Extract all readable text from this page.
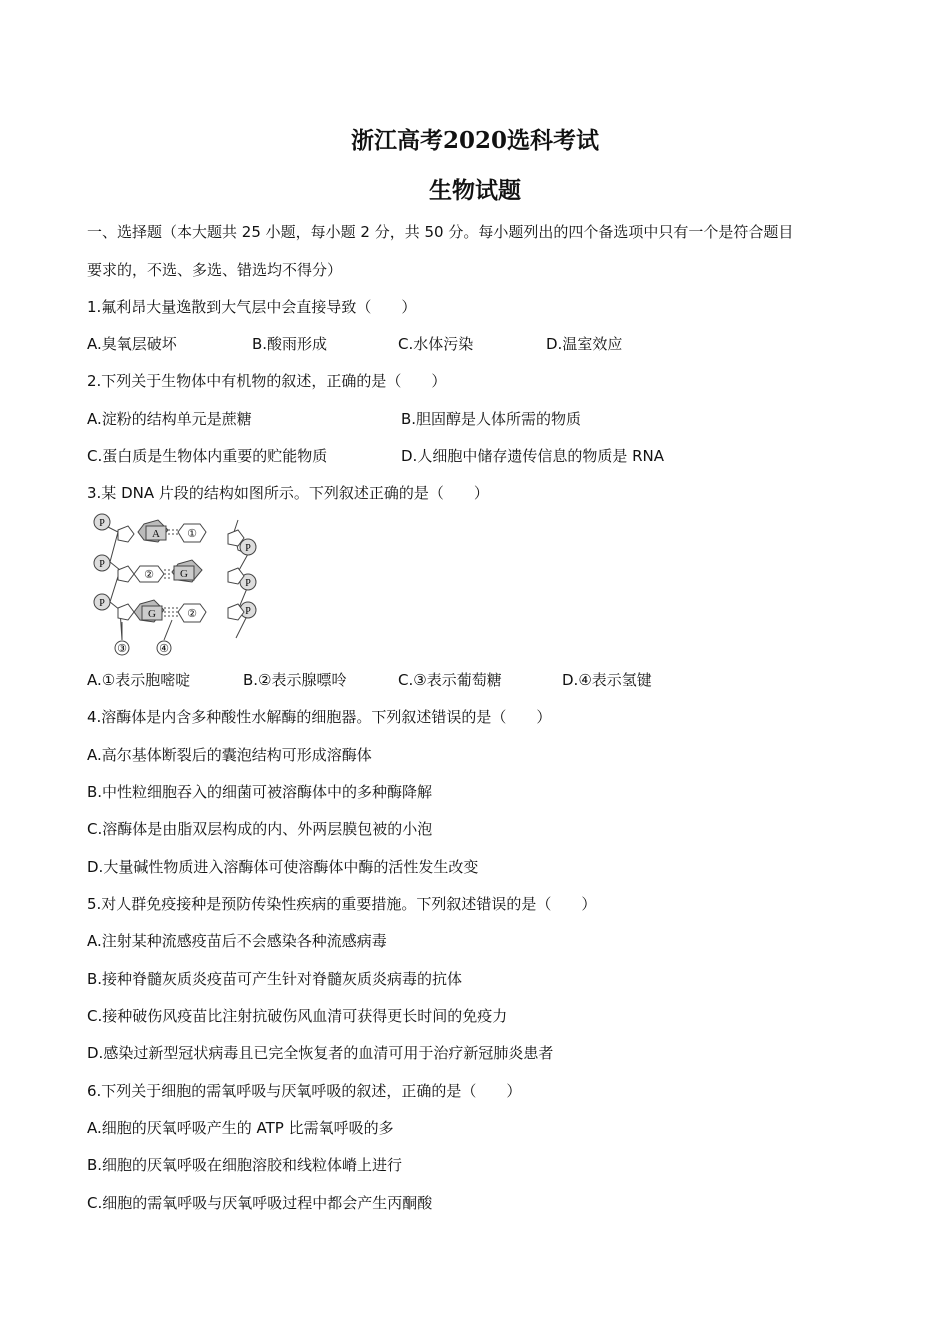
浙江高考2020选科考试
生物试题
一、选择题（本大题共 25 小题，每小题 2 分，共 50 分。每小题列出的四个备选项中只有一个是符合题目
要求的，不选、多选、错选均不得分）
1.氟利昂大量逸散到大气层中会直接导致（　　）
A.臭氧层破坏	B.酸雨形成	C.水体污染	D.温室效应
2.下列关于生物体中有机物的叙述，正确的是（　　）
A.淀粉的结构单元是蔗糖	B.胆固醇是人体所需的物质
C.蛋白质是生物体内重要的贮能物质	D.人细胞中储存遗传信息的物质是 RNA
3.某 DNA 片段的结构如图所示。下列叙述正确的是（　　）
P
P
P
P
P
P
A ①
② G
G	②
③	④
A.①表示胞嘧啶	B.②表示腺嘌呤	C.③表示葡萄糖	D.④表示氢键
4.溶酶体是内含多种酸性水解酶的细胞器。下列叙述错误的是（　　）
A.高尔基体断裂后的囊泡结构可形成溶酶体
B.中性粒细胞吞入的细菌可被溶酶体中的多种酶降解
C.溶酶体是由脂双层构成的内、外两层膜包被的小泡
D.大量碱性物质进入溶酶体可使溶酶体中酶的活性发生改变
5.对人群免疫接种是预防传染性疾病的重要措施。下列叙述错误的是（　　）
A.注射某种流感疫苗后不会感染各种流感病毒
B.接种脊髓灰质炎疫苗可产生针对脊髓灰质炎病毒的抗体
C.接种破伤风疫苗比注射抗破伤风血清可获得更长时间的免疫力
D.感染过新型冠状病毒且已完全恢复者的血清可用于治疗新冠肺炎患者
6.下列关于细胞的需氧呼吸与厌氧呼吸的叙述，正确的是（　　）
A.细胞的厌氧呼吸产生的 ATP 比需氧呼吸的多
B.细胞的厌氧呼吸在细胞溶胶和线粒体嵴上进行
C.细胞的需氧呼吸与厌氧呼吸过程中都会产生丙酮酸
